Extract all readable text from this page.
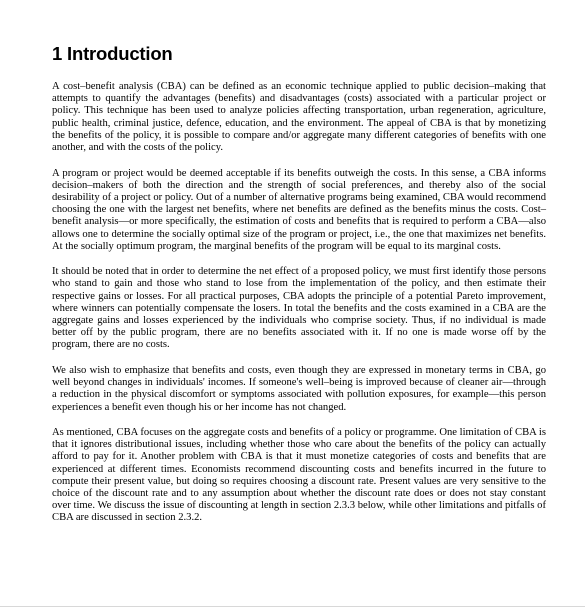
1 Introduction

A cost–benefit analysis (CBA) can be defined as an economic technique applied to public decision–making that attempts to quantify the advantages (benefits) and disadvantages (costs) associated with a particular project or policy. This technique has been used to analyze policies affecting transportation, urban regeneration, agriculture, public health, criminal justice, defence, education, and the environment. The appeal of CBA is that by monetizing the benefits of the policy, it is possible to compare and/or aggregate many different categories of benefits with one another, and with the costs of the policy.

A program or project would be deemed acceptable if its benefits outweigh the costs. In this sense, a CBA informs decision–makers of both the direction and the strength of social preferences, and thereby also of the social desirability of a project or policy. Out of a number of alternative programs being examined, CBA would recommend choosing the one with the largest net benefits, where net benefits are defined as the benefits minus the costs. Cost–benefit analysis—or more specifically, the estimation of costs and benefits that is required to perform a CBA—also allows one to determine the socially optimal size of the program or project, i.e., the one that maximizes net benefits. At the socially optimum program, the marginal benefits of the program will be equal to its marginal costs.

It should be noted that in order to determine the net effect of a proposed policy, we must first identify those persons who stand to gain and those who stand to lose from the implementation of the policy, and then estimate their respective gains or losses. For all practical purposes, CBA adopts the principle of a potential Pareto improvement, where winners can potentially compensate the losers. In total the benefits and the costs examined in a CBA are the aggregate gains and losses experienced by the individuals who comprise society. Thus, if no individual is made better off by the public program, there are no benefits associated with it. If no one is made worse off by the program, there are no costs.

We also wish to emphasize that benefits and costs, even though they are expressed in monetary terms in CBA, go well beyond changes in individuals' incomes. If someone's well–being is improved because of cleaner air—through a reduction in the physical discomfort or symptoms associated with pollution exposures, for example—this person experiences a benefit even though his or her income has not changed.

As mentioned, CBA focuses on the aggregate costs and benefits of a policy or programme. One limitation of CBA is that it ignores distributional issues, including whether those who care about the benefits of the policy can actually afford to pay for it. Another problem with CBA is that it must monetize categories of costs and benefits that are experienced at different times. Economists recommend discounting costs and benefits incurred in the future to compute their present value, but doing so requires choosing a discount rate. Present values are very sensitive to the choice of the discount rate and to any assumption about whether the discount rate does or does not stay constant over time. We discuss the issue of discounting at length in section 2.3.3 below, while other limitations and pitfalls of CBA are discussed in section 2.3.2.
